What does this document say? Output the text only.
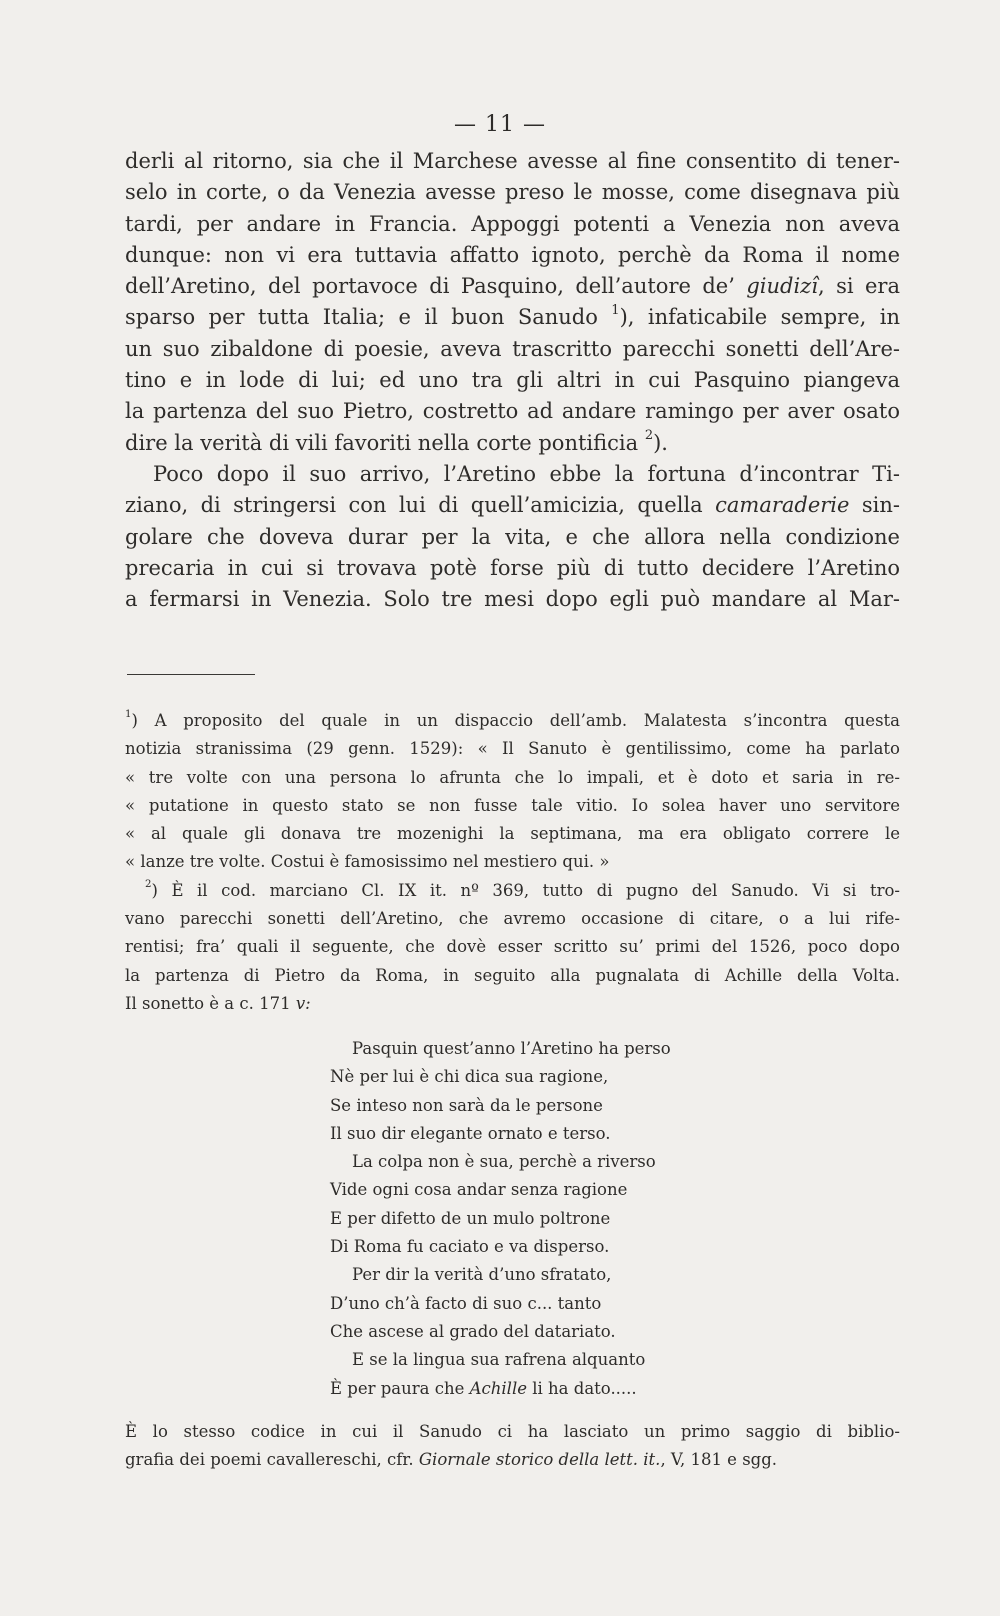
— 11 —
derli al ritorno, sia che il Marchese avesse al fine consentito di tener-
selo in corte, o da Venezia avesse preso le mosse, come disegnava più
tardi, per andare in Francia. Appoggi potenti a Venezia non aveva
dunque: non vi era tuttavia affatto ignoto, perchè da Roma il nome
dell’Aretino, del portavoce di Pasquino, dell’autore de’ giudizî, si era
sparso per tutta Italia; e il buon Sanudo $^1$), infaticabile sempre, in
un suo zibaldone di poesie, aveva trascritto parecchi sonetti dell’Are-
tino e in lode di lui; ed uno tra gli altri in cui Pasquino piangeva
la partenza del suo Pietro, costretto ad andare ramingo per aver osato
dire la verità di vili favoriti nella corte pontificia $^2$).
Poco dopo il suo arrivo, l’Aretino ebbe la fortuna d’incontrar Ti-
ziano, di stringersi con lui di quell’amicizia, quella camaraderie sin-
golare che doveva durar per la vita, e che allora nella condizione
precaria in cui si trovava potè forse più di tutto decidere l’Aretino
a fermarsi in Venezia. Solo tre mesi dopo egli può mandare al Mar-
$^1$) A proposito del quale in un dispaccio dell’amb. Malatesta s’incontra questa
notizia stranissima (29 genn. 1529): « Il Sanuto è gentilissimo, come ha parlato
« tre volte con una persona lo afrunta che lo impali, et è doto et saria in re-
« putatione in questo stato se non fusse tale vitio. Io solea haver uno servitore
« al quale gli donava tre mozenighi la septimana, ma era obligato correre le
« lanze tre volte. Costui è famosissimo nel mestiero qui. »
$^2$) È il cod. marciano Cl. IX it. nº 369, tutto di pugno del Sanudo. Vi si tro-
vano parecchi sonetti dell’Aretino, che avremo occasione di citare, o a lui rife-
rentisi; fra’ quali il seguente, che dovè esser scritto su’ primi del 1526, poco dopo
la partenza di Pietro da Roma, in seguito alla pugnalata di Achille della Volta.
Il sonetto è a c. 171 v:
Pasquin quest’anno l’Aretino ha perso
Nè per lui è chi dica sua ragione,
Se inteso non sarà da le persone
Il suo dir elegante ornato e terso.
La colpa non è sua, perchè a riverso
Vide ogni cosa andar senza ragione
E per difetto de un mulo poltrone
Di Roma fu caciato e va disperso.
Per dir la verità d’uno sfratato,
D’uno ch’à facto di suo c... tanto
Che ascese al grado del datariato.
E se la lingua sua rafrena alquanto
È per paura che Achille li ha dato.....
È lo stesso codice in cui il Sanudo ci ha lasciato un primo saggio di biblio-
grafia dei poemi cavallereschi, cfr. Giornale storico della lett. it., V, 181 e sgg.
